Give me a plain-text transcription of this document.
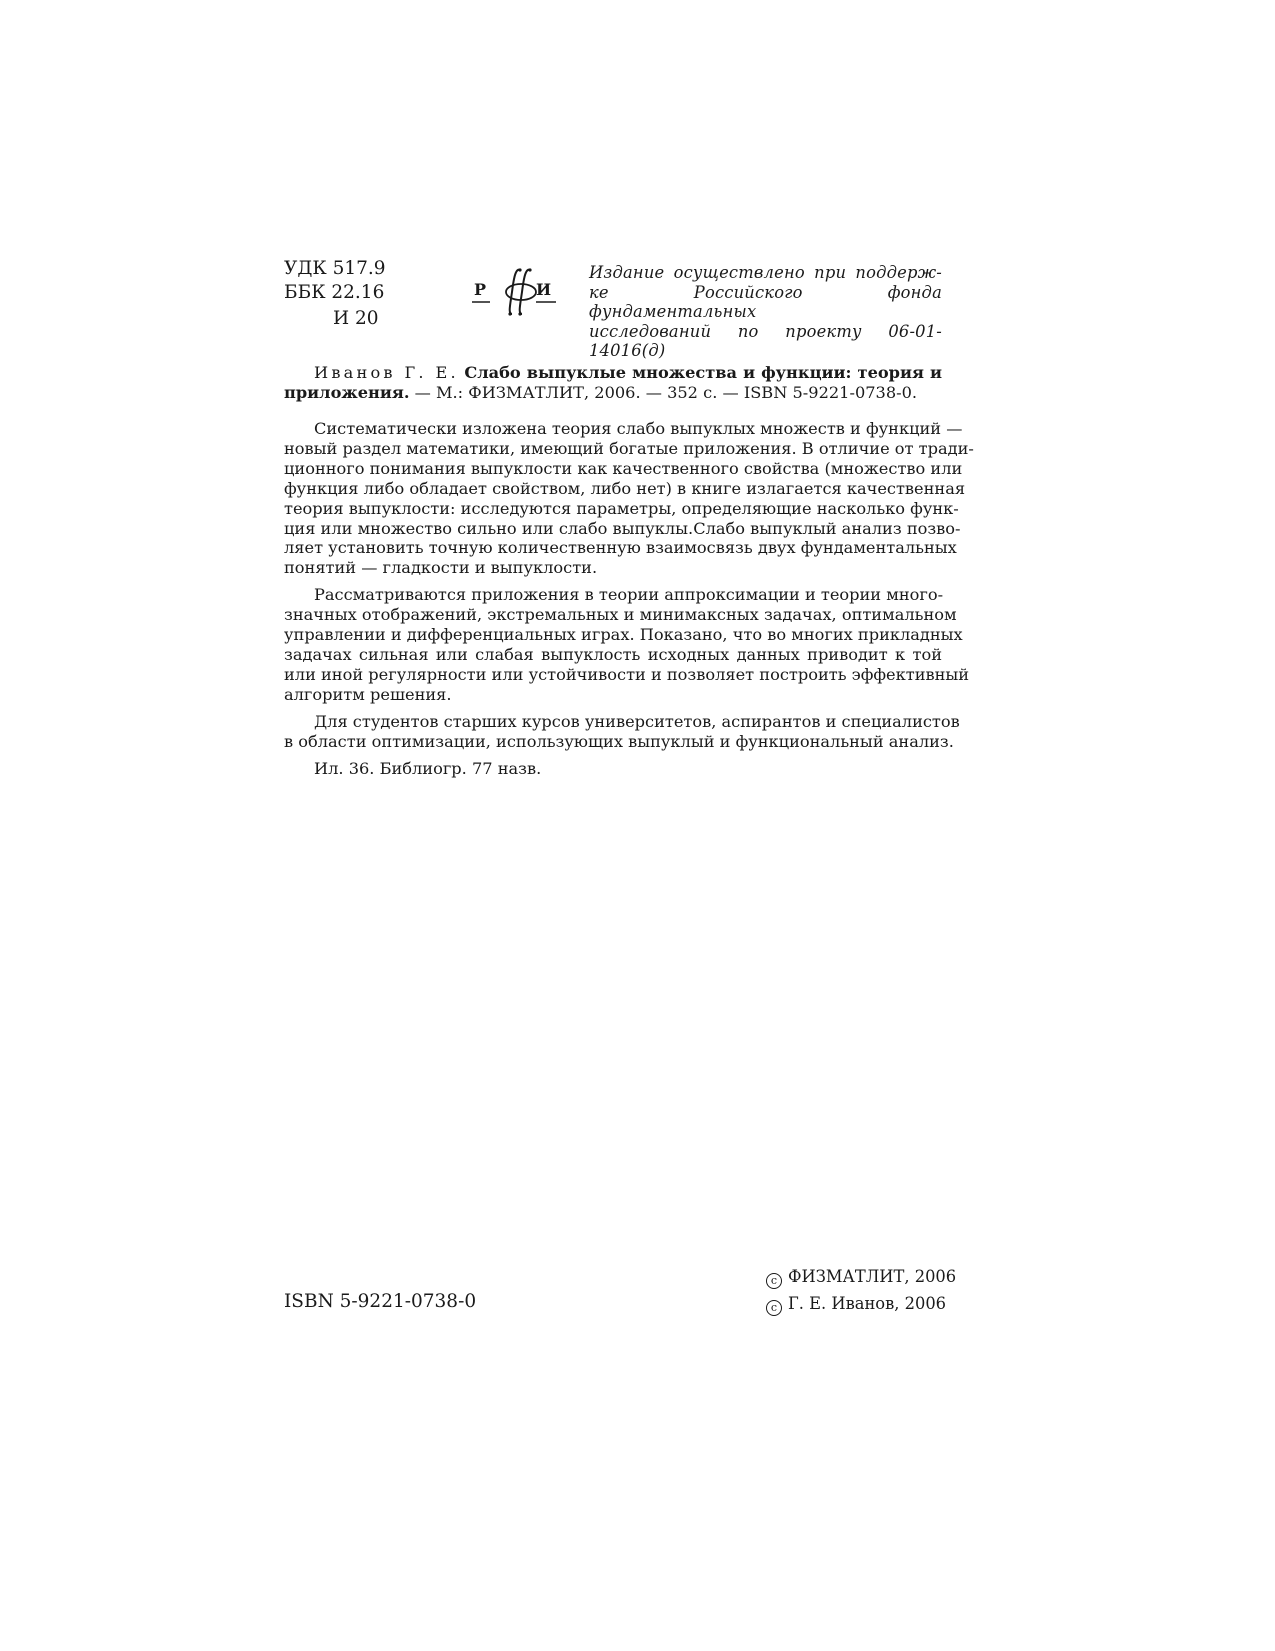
УДК 517.9
ББК 22.16
И 20
Р	И
Издание осуществлено при поддерж-
ке Российского фонда фундаментальных
исследований по проекту 06-01-14016(д)
Иванов Г. Е. Слабо выпуклые множества и функции: теория и
приложения. — М.: ФИЗМАТЛИТ, 2006. — 352 с. — ISBN 5-9221-0738-0.
Систематически изложена теория слабо выпуклых множеств и функций —
новый раздел математики, имеющий богатые приложения. В отличие от тради-
ционного понимания выпуклости как качественного свойства (множество или
функция либо обладает свойством, либо нет) в книге излагается качественная
теория выпуклости: исследуются параметры, определяющие насколько функ-
ция или множество сильно или слабо выпуклы.Слабо выпуклый анализ позво-
ляет установить точную количественную взаимосвязь двух фундаментальных
понятий — гладкости и выпуклости.
Рассматриваются приложения в теории аппроксимации и теории много-
значных отображений, экстремальных и минимаксных задачах, оптимальном
управлении и дифференциальных играх. Показано, что во многих прикладных
задачах сильная или слабая выпуклость исходных данных приводит к той
или иной регулярности или устойчивости и позволяет построить эффективный
алгоритм решения.
Для студентов старших курсов университетов, аспирантов и специалистов
в области оптимизации, использующих выпуклый и функциональный анализ.
Ил. 36. Библиогр. 77 назв.
ISBN 5-9221-0738-0
c ФИЗМАТЛИТ, 2006
c Г. Е. Иванов, 2006
